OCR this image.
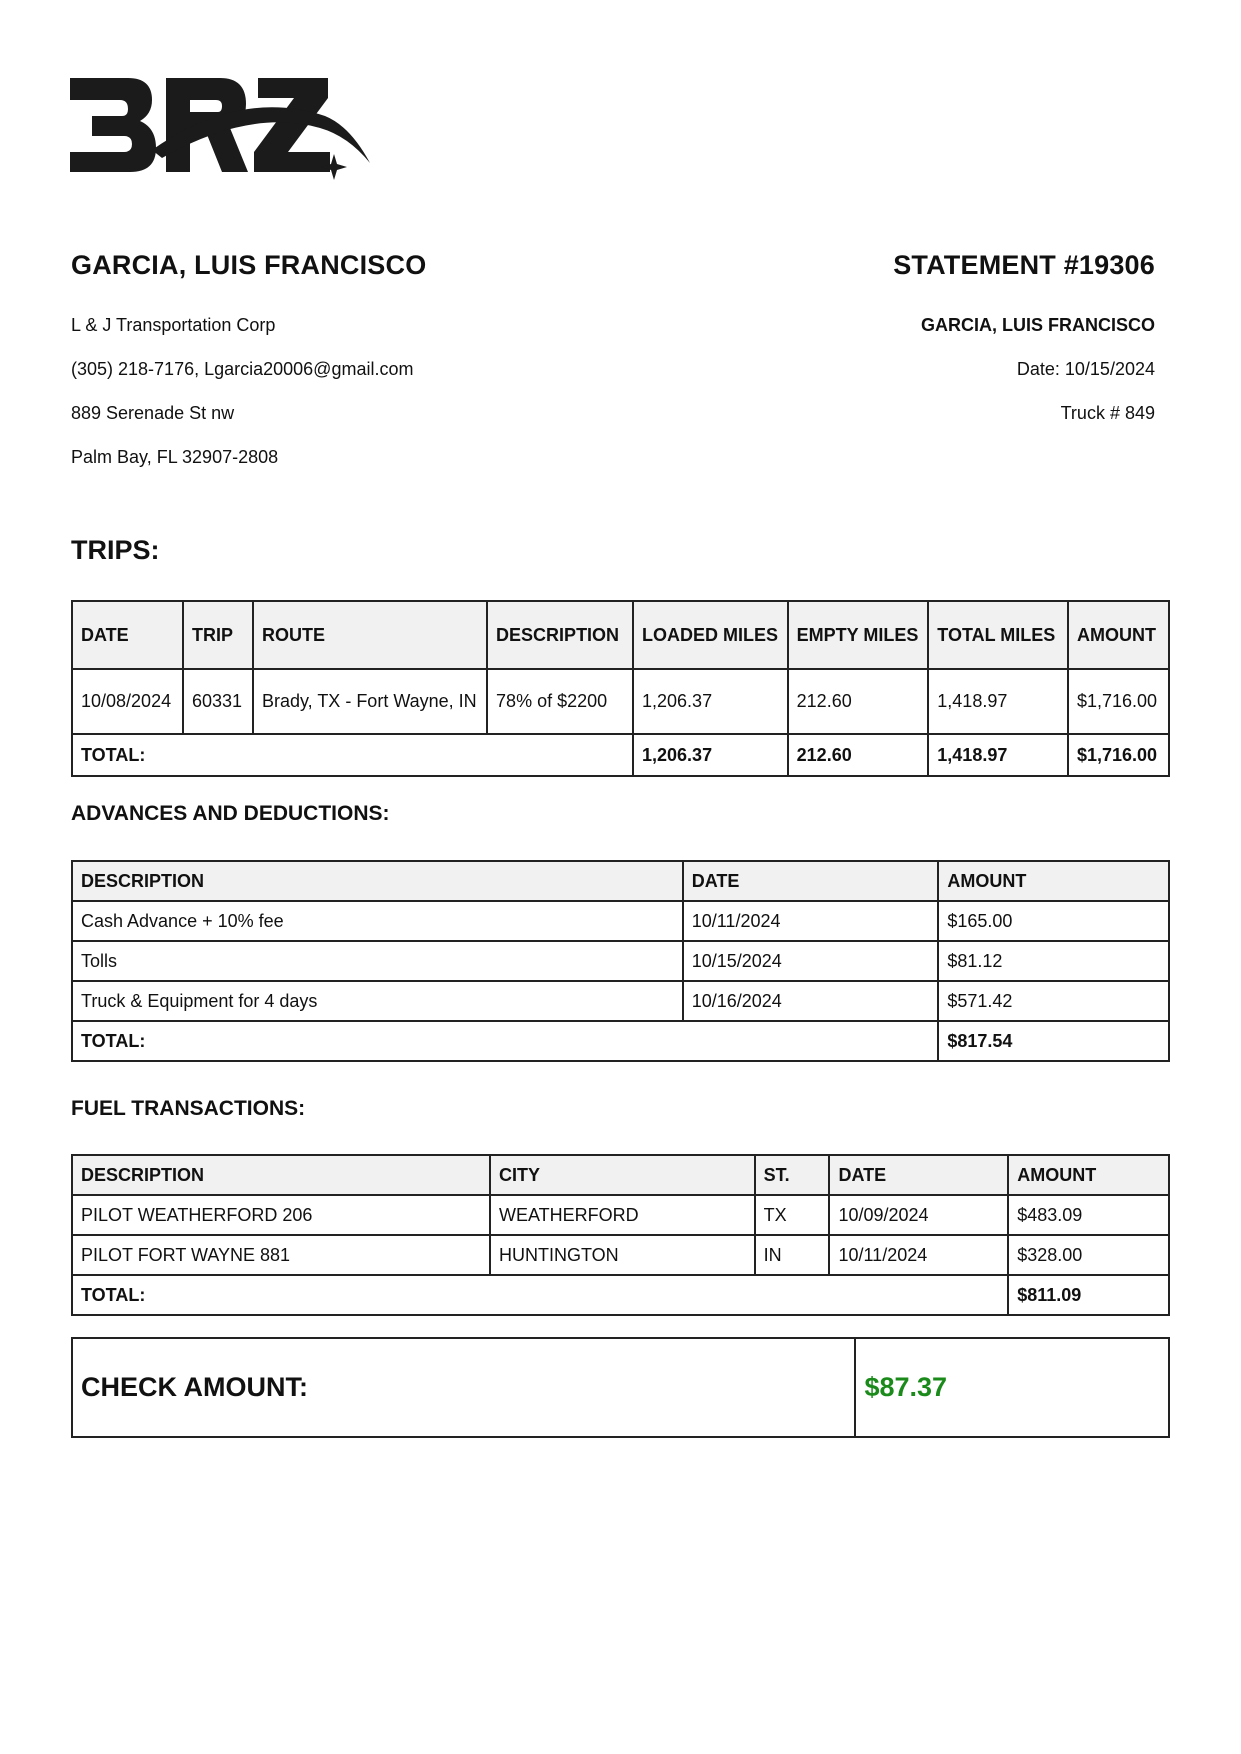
GARCIA, LUIS FRANCISCO

L & J Transportation Corp

(305) 218-7176, Lgarcia20006@gmail.com

889 Serenade St nw

Palm Bay, FL 32907-2808

STATEMENT #19306

GARCIA, LUIS FRANCISCO

Date: 10/15/2024

Truck # 849

TRIPS:
DATE	TRIP	ROUTE	DESCRIPTION	LOADED MILES	EMPTY MILES	TOTAL MILES	AMOUNT
10/08/2024	60331	Brady, TX - Fort Wayne, IN	78% of $2200	1,206.37	212.60	1,418.97	$1,716.00
TOTAL:				1,206.37	212.60	1,418.97	$1,716.00
ADVANCES AND DEDUCTIONS:
DESCRIPTION	DATE	AMOUNT
Cash Advance + 10% fee	10/11/2024	$165.00
Tolls	10/15/2024	$81.12
Truck & Equipment for 4 days	10/16/2024	$571.42
TOTAL:		$817.54
FUEL TRANSACTIONS:
DESCRIPTION	CITY	ST.	DATE	AMOUNT
PILOT WEATHERFORD 206	WEATHERFORD	TX	10/09/2024	$483.09
PILOT FORT WAYNE 881	HUNTINGTON	IN	10/11/2024	$328.00
TOTAL:				$811.09
CHECK AMOUNT:	$87.37
